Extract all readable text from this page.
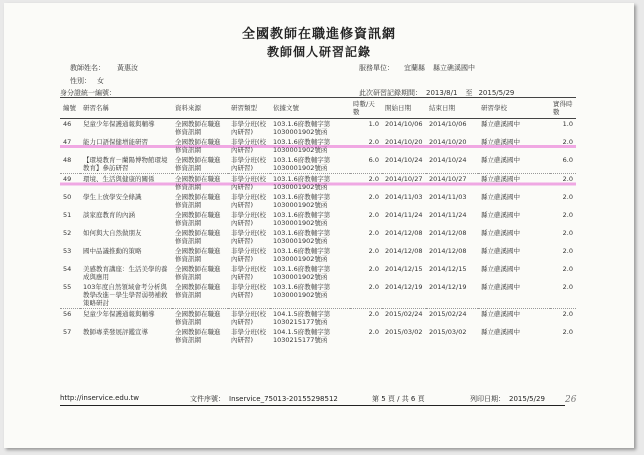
全國教師在職進修資訊網
教師個人研習記錄
教師姓名： 黃惠汝
性別： 女
身分證統一編號：
服務單位： 宜蘭縣 縣立礁溪國中
此次研習記錄期間： 2013/8/1 至 2015/5/29
編號	研習名稱	資料來源	研習類型	依據文號	時數/天數	開始日期	結束日期	研習學校	實得時數
46	兒童少年保護通報與輔導	全國教師在職進修資訊網	非學分班(校內研習)	103.1.6府教輔字第1030001902號函	1.0	2014/10/06	2014/10/06	縣立礁溪國中	1.0
47	能力口語保健增能研習	全國教師在職進修資訊網	非學分班(校內研習)	103.1.6府教輔字第1030001902號函	2.0	2014/10/20	2014/10/20	縣立礁溪國中	2.0
48	【環境教育－蘭陽博物館環境教育】參訪研習	全國教師在職進修資訊網	非學分班(校內研習)	103.1.6府教輔字第1030001902號函	6.0	2014/10/24	2014/10/24	縣立礁溪國中	6.0
49	環境、生活與健康的關係	全國教師在職進修資訊網	非學分班(校內研習)	103.1.6府教輔字第1030001902號函	2.0	2014/10/27	2014/10/27	縣立礁溪國中	2.0
50	學生上放學安全條識	全國教師在職進修資訊網	非學分班(校內研習)	103.1.6府教輔字第1030001902號函	2.0	2014/11/03	2014/11/03	縣立礁溪國中	2.0
51	談家庭教育的內涵	全國教師在職進修資訊網	非學分班(校內研習)	103.1.6府教輔字第1030001902號函	2.0	2014/11/24	2014/11/24	縣立礁溪國中	2.0
52	如何與大自然做朋友	全國教師在職進修資訊網	非學分班(校內研習)	103.1.6府教輔字第1030001902號函	2.0	2014/12/08	2014/12/08	縣立礁溪國中	2.0
53	國中品議推動的策略	全國教師在職進修資訊網	非學分班(校內研習)	103.1.6府教輔字第1030001902號函	2.0	2014/12/08	2014/12/08	縣立礁溪國中	2.0
54	美感教育講座：生活美學的養成與應用	全國教師在職進修資訊網	非學分班(校內研習)	103.1.6府教輔字第1030001902號函	2.0	2014/12/15	2014/12/15	縣立礁溪國中	2.0
55	103年度自然領域會考分析與教學改進－學生學習弱勢補救策略研討	全國教師在職進修資訊網	非學分班(校內研習)	103.1.6府教輔字第1030001902號函	2.0	2014/12/19	2014/12/19	縣立礁溪國中	2.0
56	兒童少年保護通報與輔導	全國教師在職進修資訊網	非學分班(校內研習)	104.1.5府教輔字第1030215177號函	2.0	2015/02/24	2015/02/24	縣立礁溪國中	2.0
57	教師專業發展評鑑宣導	全國教師在職進修資訊網	非學分班(校內研習)	104.1.5府教輔字第1030215177號函	2.0	2015/03/02	2015/03/02	縣立礁溪國中	2.0
http://inservice.edu.tw	文件序號： Inservice_75013-20155298512	第 5 頁 / 共 6 頁	列印日期： 2015/5/29 26
